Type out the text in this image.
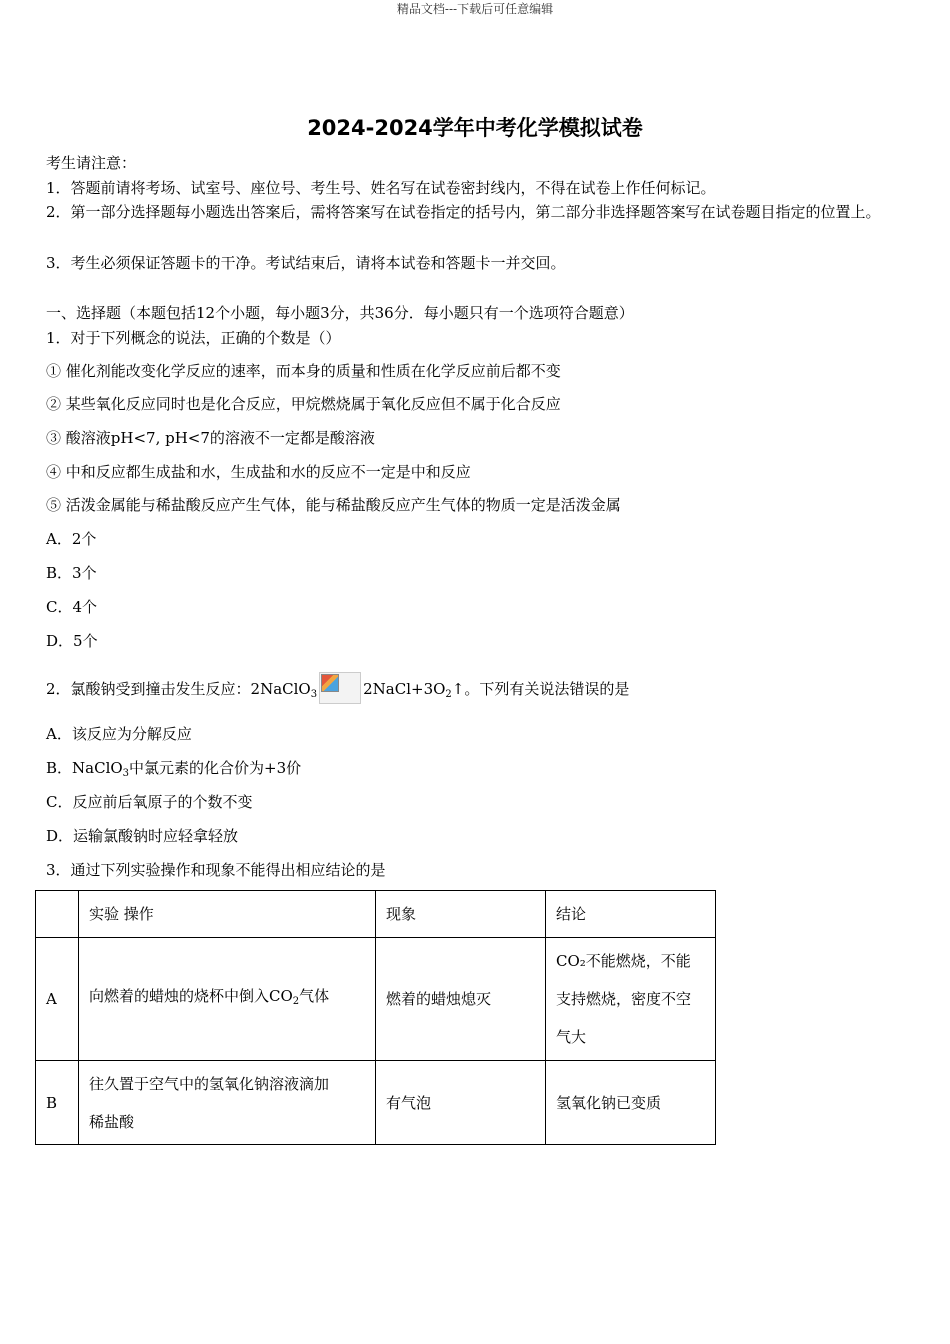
精品文档---下载后可任意编辑
2024-2024学年中考化学模拟试卷
考生请注意：
1．答题前请将考场、试室号、座位号、考生号、姓名写在试卷密封线内，不得在试卷上作任何标记。
2．第一部分选择题每小题选出答案后，需将答案写在试卷指定的括号内，第二部分非选择题答案写在试卷题目指定的位置上。
3．考生必须保证答题卡的干净。考试结束后，请将本试卷和答题卡一并交回。
一、选择题（本题包括12个小题，每小题3分，共36分．每小题只有一个选项符合题意）
1．对于下列概念的说法，正确的个数是（）
① 催化剂能改变化学反应的速率，而本身的质量和性质在化学反应前后都不变
② 某些氧化反应同时也是化合反应，甲烷燃烧属于氧化反应但不属于化合反应
③ 酸溶液pH<7, pH<7的溶液不一定都是酸溶液
④ 中和反应都生成盐和水，生成盐和水的反应不一定是中和反应
⑤ 活泼金属能与稀盐酸反应产生气体，能与稀盐酸反应产生气体的物质一定是活泼金属
A．2个
B．3个
C．4个
D．5个
2．氯酸钠受到撞击发生反应：2NaClO$_3$	$2NaCl+3O_2↑$。下列有关说法错误的是
A．该反应为分解反应
B．NaClO$_3$中氯元素的化合价为+3价
C．反应前后氧原子的个数不变
D．运输氯酸钠时应轻拿轻放
3．通过下列实验操作和现象不能得出相应结论的是
	实验 操作	现象	结论
A	向燃着的蜡烛的烧杯中倒入$CO_2$气体	燃着的蜡烛熄灭	CO₂不能燃烧，不能
支持燃烧，密度不空
气大

B	往久置于空气中的氢氧化钠溶液滴加
稀盐酸	有气泡	氢氧化钠已变质
